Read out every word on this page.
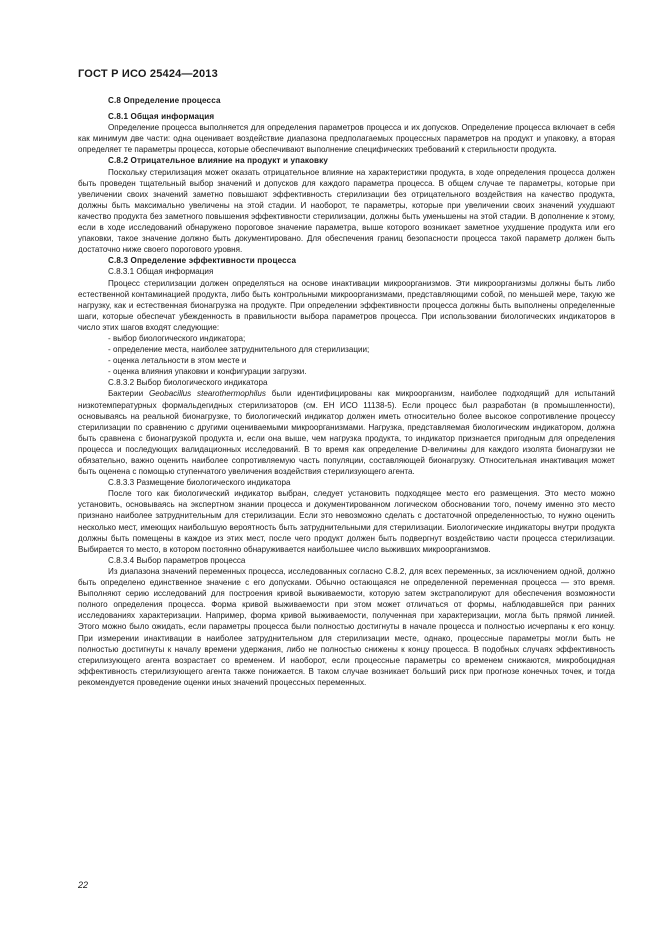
ГОСТ Р ИСО 25424—2013

С.8 Определение процесса

С.8.1 Общая информация

Определение процесса выполняется для определения параметров процесса и их допусков. Определение процесса включает в себя как минимум две части: одна оценивает воздействие диапазона предполагаемых процессных параметров на продукт и упаковку, а вторая определяет те параметры процесса, которые обеспечивают выполнение специфических требований к стерильности продукта.

С.8.2 Отрицательное влияние на продукт и упаковку

Поскольку стерилизация может оказать отрицательное влияние на характеристики продукта, в ходе определения процесса должен быть проведен тщательный выбор значений и допусков для каждого параметра процесса. В общем случае те параметры, которые при увеличении своих значений заметно повышают эффективность стерилизации без отрицательного воздействия на качество продукта, должны быть максимально увеличены на этой стадии. И наоборот, те параметры, которые при увеличении своих значений ухудшают качество продукта без заметного повышения эффективности стерилизации, должны быть уменьшены на этой стадии. В дополнение к этому, если в ходе исследований обнаружено пороговое значение параметра, выше которого возникает заметное ухудшение продукта или его упаковки, такое значение должно быть документировано. Для обеспечения границ безопасности процесса такой параметр должен быть достаточно ниже своего порогового уровня.

С.8.3 Определение эффективности процесса

С.8.3.1 Общая информация

Процесс стерилизации должен определяться на основе инактивации микроорганизмов. Эти микроорганизмы должны быть либо естественной контаминацией продукта, либо быть контрольными микроорганизмами, представляющими собой, по меньшей мере, такую же нагрузку, как и естественная бионагрузка на продукте. При определении эффективности процесса должны быть выполнены определенные шаги, которые обеспечат убежденность в правильности выбора параметров процесса. При использовании биологических индикаторов в число этих шагов входят следующие:

- выбор биологического индикатора;

- определение места, наиболее затруднительного для стерилизации;

- оценка летальности в этом месте и

- оценка влияния упаковки и конфигурации загрузки.

С.8.3.2 Выбор биологического индикатора

Бактерии Geobacillus stearothermophilus были идентифицированы как микроорганизм, наиболее подходящий для испытаний низкотемпературных формальдегидных стерилизаторов (см. ЕН ИСО 11138-5). Если процесс был разработан (в промышленности), основываясь на реальной бионагрузке, то биологический индикатор должен иметь относительно более высокое сопротивление процессу стерилизации по сравнению с другими оцениваемыми микроорганизмами. Нагрузка, представляемая биологическим индикатором, должна быть сравнена с бионагрузкой продукта и, если она выше, чем нагрузка продукта, то индикатор признается пригодным для определения процесса и последующих валидационных исследований. В то время как определение D-величины для каждого изолята бионагрузки не обязательно, важно оценить наиболее сопротивляемую часть популяции, составляющей бионагрузку. Относительная инактивация может быть оценена с помощью ступенчатого увеличения воздействия стерилизующего агента.

С.8.3.3 Размещение биологического индикатора

После того как биологический индикатор выбран, следует установить подходящее место его размещения. Это место можно установить, основываясь на экспертном знании процесса и документированном логическом обосновании того, почему именно это место признано наиболее затруднительным для стерилизации. Если это невозможно сделать с достаточной определенностью, то нужно оценить несколько мест, имеющих наибольшую вероятность быть затруднительными для стерилизации. Биологические индикаторы внутри продукта должны быть помещены в каждое из этих мест, после чего продукт должен быть подвергнут воздействию части процесса стерилизации. Выбирается то место, в котором постоянно обнаруживается наибольшее число выживших микроорганизмов.

С.8.3.4 Выбор параметров процесса

Из диапазона значений переменных процесса, исследованных согласно С.8.2, для всех переменных, за исключением одной, должно быть определено единственное значение с его допусками. Обычно остающаяся не определенной переменная процесса — это время. Выполняют серию исследований для построения кривой выживаемости, которую затем экстраполируют для обеспечения возможности полного определения процесса. Форма кривой выживаемости при этом может отличаться от формы, наблюдавшейся при ранних исследованиях характеризации. Например, форма кривой выживаемости, полученная при характеризации, могла быть прямой линией. Этого можно было ожидать, если параметры процесса были полностью достигнуты в начале процесса и полностью исчерпаны к его концу. При измерении инактивации в наиболее затруднительном для стерилизации месте, однако, процессные параметры могли быть не полностью достигнуты к началу времени удержания, либо не полностью снижены к концу процесса. В подобных случаях эффективность стерилизующего агента возрастает со временем. И наоборот, если процессные параметры со временем снижаются, микробоцидная эффективность стерилизующего агента также понижается. В таком случае возникает больший риск при прогнозе конечных точек, и тогда рекомендуется проведение оценки иных значений процессных переменных.

22
